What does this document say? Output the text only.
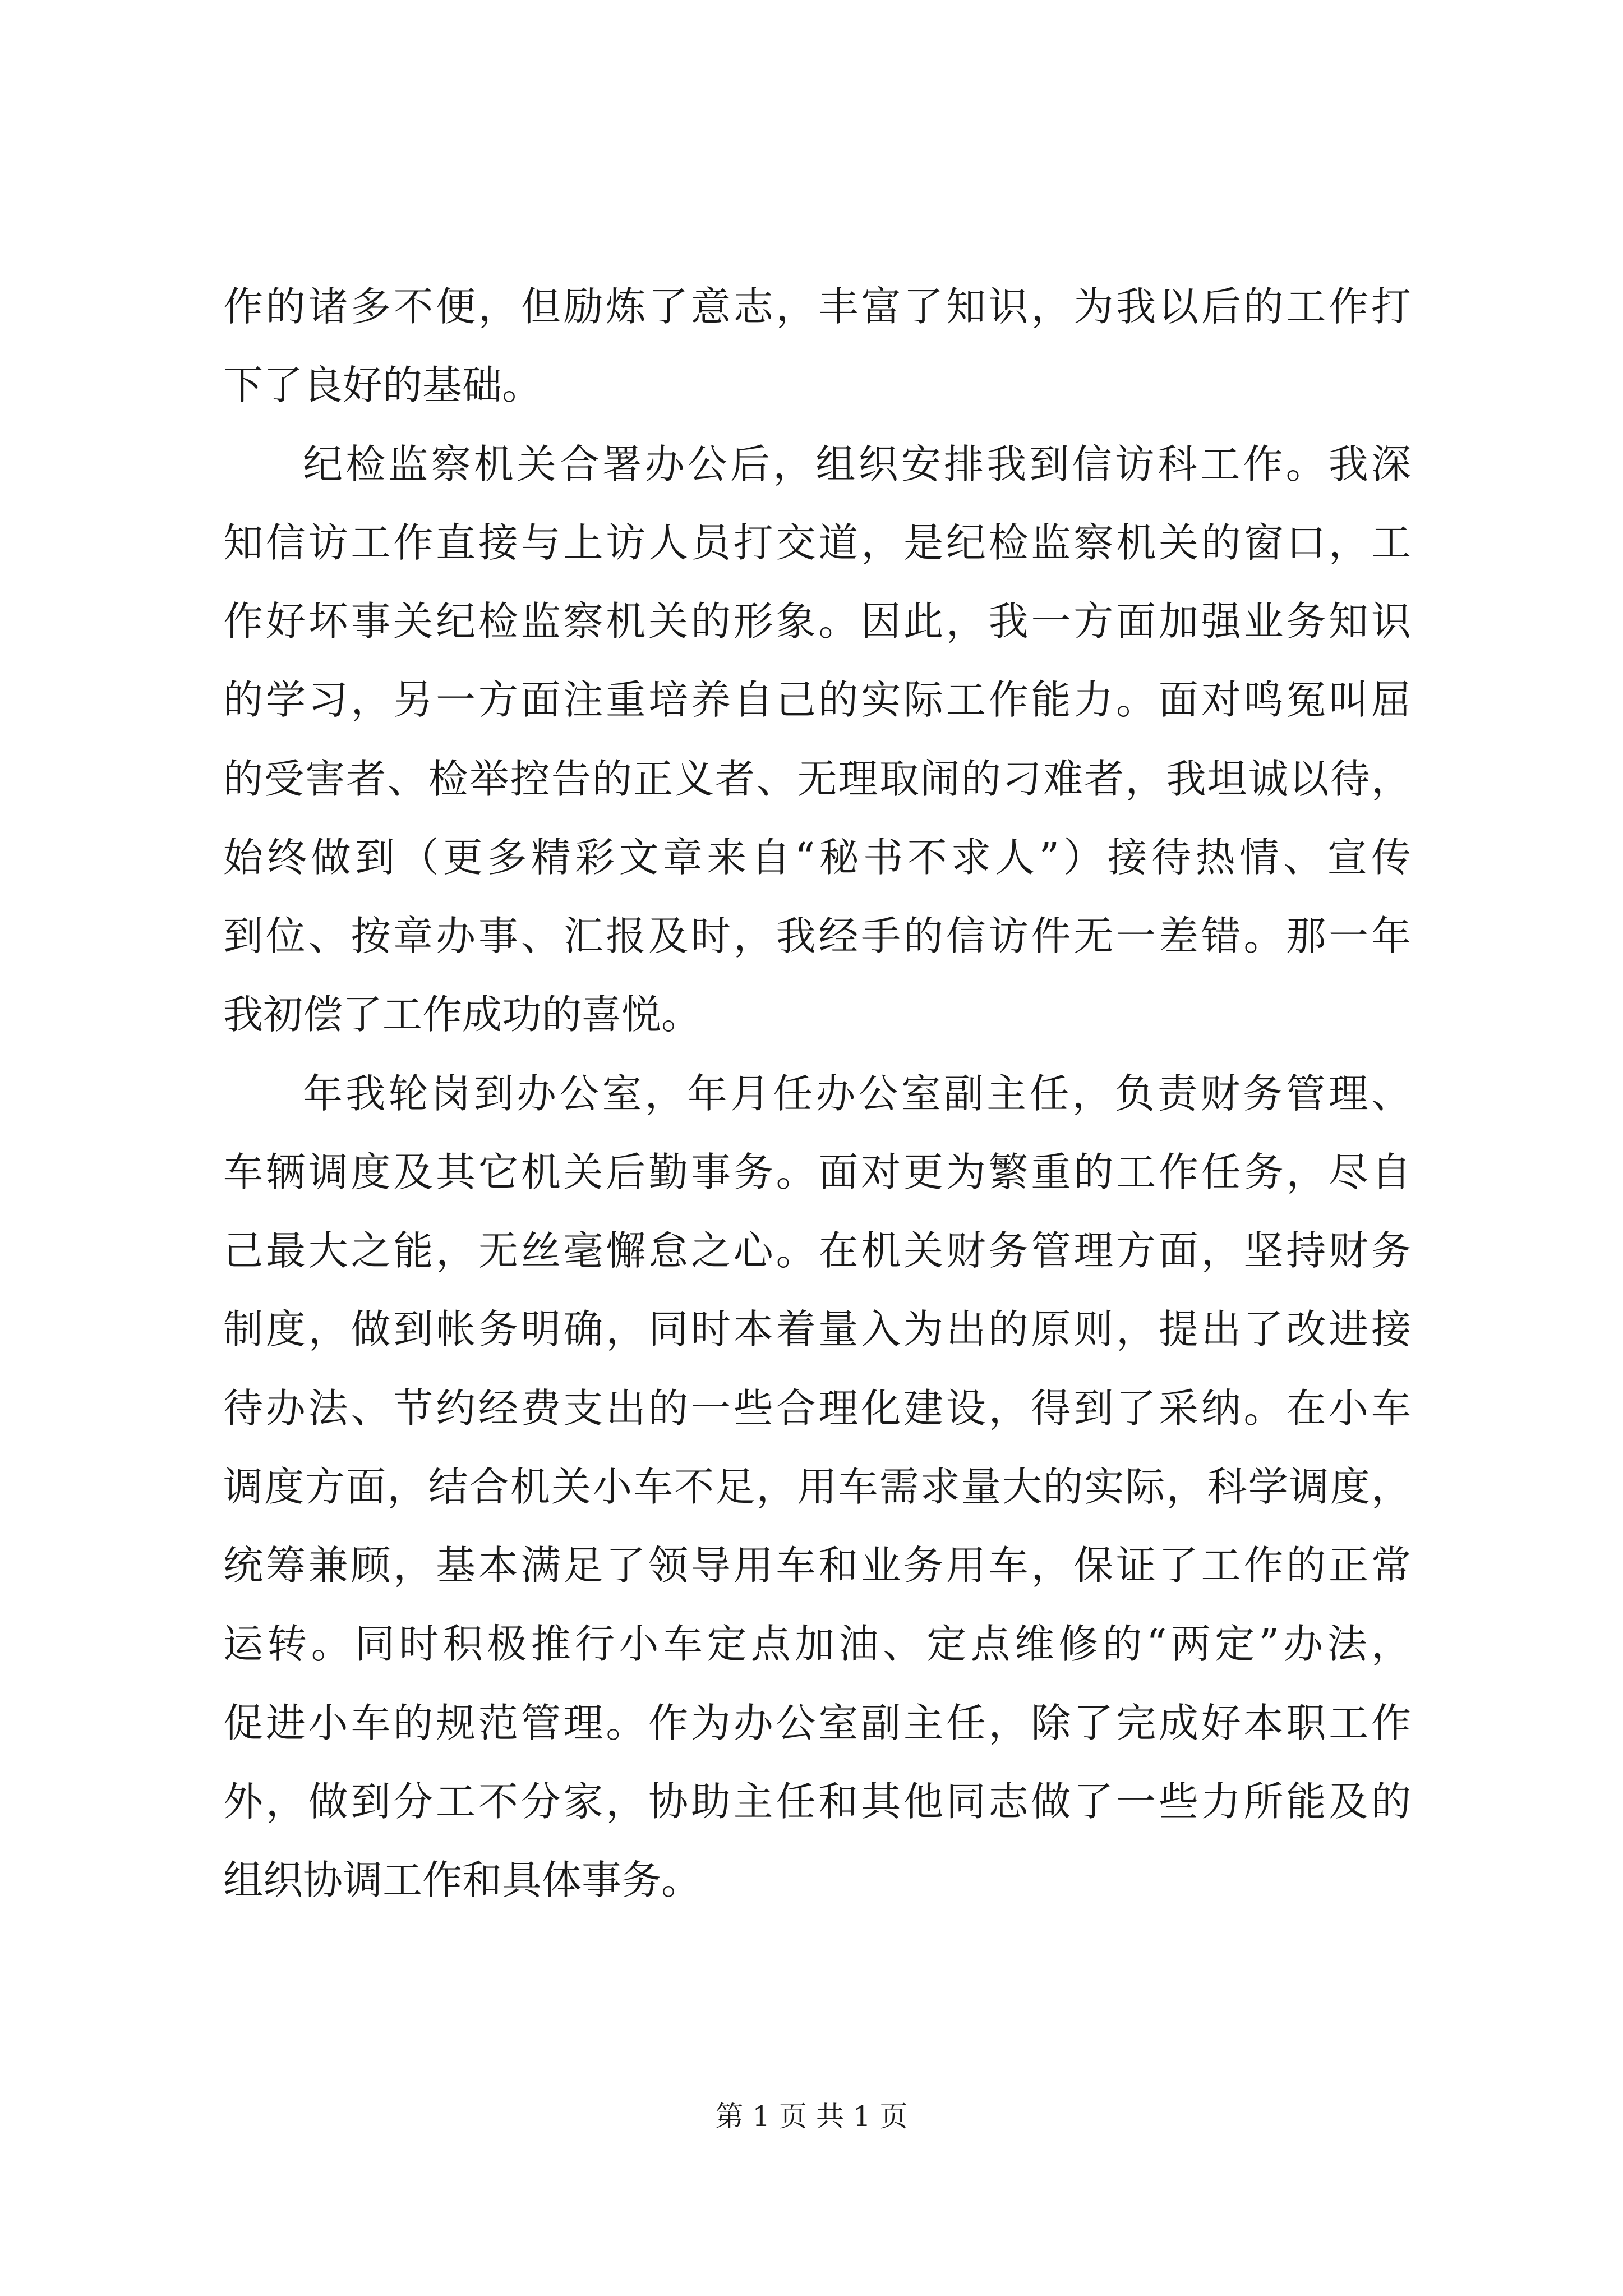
作的诸多不便，但励炼了意志，丰富了知识，为我以后的工作打
下了良好的基础。
纪检监察机关合署办公后，组织安排我到信访科工作。我深
知信访工作直接与上访人员打交道，是纪检监察机关的窗口，工
作好坏事关纪检监察机关的形象。因此，我一方面加强业务知识
的学习，另一方面注重培养自己的实际工作能力。面对鸣冤叫屈
的受害者、检举控告的正义者、无理取闹的刁难者，我坦诚以待，
始终做到（更多精彩文章来自“秘书不求人”）接待热情、宣传
到位、按章办事、汇报及时，我经手的信访件无一差错。那一年
我初偿了工作成功的喜悦。
年我轮岗到办公室，年月任办公室副主任，负责财务管理、
车辆调度及其它机关后勤事务。面对更为繁重的工作任务，尽自
己最大之能，无丝毫懈怠之心。在机关财务管理方面，坚持财务
制度，做到帐务明确，同时本着量入为出的原则，提出了改进接
待办法、节约经费支出的一些合理化建设，得到了采纳。在小车
调度方面，结合机关小车不足，用车需求量大的实际，科学调度，
统筹兼顾，基本满足了领导用车和业务用车，保证了工作的正常
运转。同时积极推行小车定点加油、定点维修的“两定”办法，
促进小车的规范管理。作为办公室副主任，除了完成好本职工作
外，做到分工不分家，协助主任和其他同志做了一些力所能及的
组织协调工作和具体事务。
第 1 页 共 1 页
